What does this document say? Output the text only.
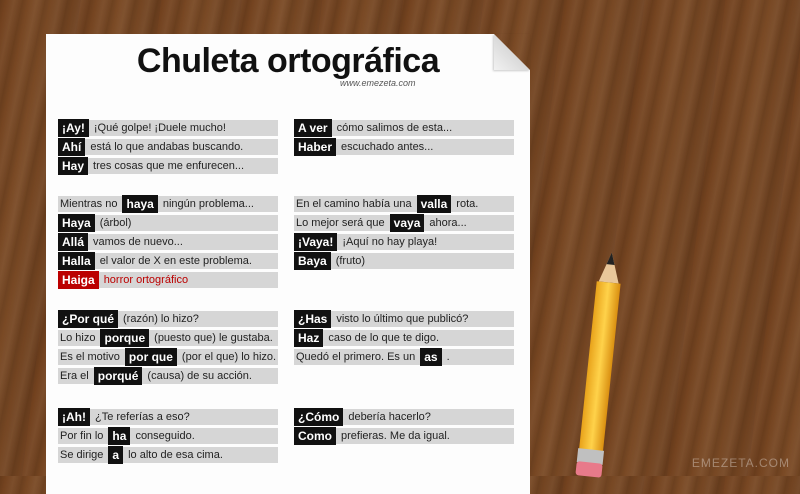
Chuleta ortográfica
www.emezeta.com
¡Ay! ¡Qué golpe! ¡Duele mucho!
Ahí está lo que andabas buscando.
Hay tres cosas que me enfurecen...
A ver cómo salimos de esta...
Haber escuchado antes...
Mientras no haya ningún problema...
Haya (árbol)
Allá vamos de nuevo...
Halla el valor de X en este problema.
Haiga horror ortográfico
En el camino había una valla rota.
Lo mejor será que vaya ahora...
¡Vaya! ¡Aquí no hay playa!
Baya (fruto)
¿Por qué (razón) lo hizo?
Lo hizo porque (puesto que) le gustaba.
Es el motivo por que (por el que) lo hizo.
Era el porqué (causa) de su acción.
¿Has visto lo último que publicó?
Haz caso de lo que te digo.
Quedó el primero. Es un as .
¡Ah! ¿Te referías a eso?
Por fin lo ha conseguido.
Se dirige a lo alto de esa cima.
¿Cómo debería hacerlo?
Como prefieras. Me da igual.
EMEZETA.COM
